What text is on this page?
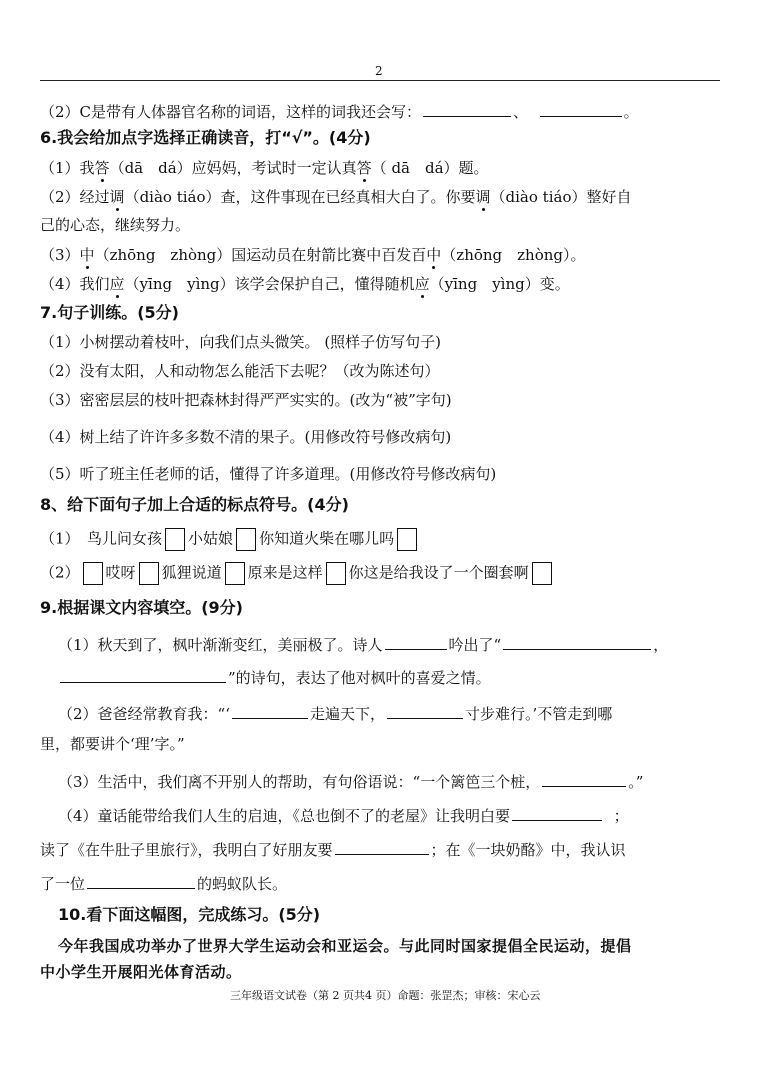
2
（2）C是带有人体器官名称的词语，这样的词我还会写：	、	。
6.我会给加点字选择正确读音，打“√”。(4分)
（1）我答（dā　dá）应妈妈，考试时一定认真答（ dā　dá）题。
（2）经过调（diào tiáo）查，这件事现在已经真相大白了。你要调（diào tiáo）整好自
己的心态，继续努力。
（3）中（zhōng　zhòng）国运动员在射箭比赛中百发百中（zhōng　zhòng）。
（4）我们应（yīng　yìng）该学会保护自己，懂得随机应（yīng　yìng）变。
7.句子训练。(5分)
（1）小树摆动着枝叶，向我们点头微笑。 (照样子仿写句子)
（2）没有太阳，人和动物怎么能活下去呢？（改为陈述句）
（3）密密层层的枝叶把森林封得严严实实的。(改为“被”字句)
（4）树上结了许许多多数不清的果子。(用修改符号修改病句)
（5）听了班主任老师的话，懂得了许多道理。(用修改符号修改病句)
8、给下面句子加上合适的标点符号。(4分)
（1）　鸟儿问女孩 小姑娘 你知道火柴在哪儿吗
（2） 哎呀 狐狸说道 原来是这样 你这是给我设了一个圈套啊
9.根据课文内容填空。(9分)
（1）秋天到了，枫叶渐渐变红，美丽极了。诗人	吟出了“	，
”的诗句，表达了他对枫叶的喜爱之情。
（2）爸爸经常教育我：“‘	走遍天下，	寸步难行。’不管走到哪
里，都要讲个‘理’字。”
（3）生活中，我们离不开别人的帮助，有句俗语说：“一个篱笆三个桩，	。”
（4）童话能带给我们人生的启迪，《总也倒不了的老屋》让我明白要	；
读了《在牛肚子里旅行》，我明白了好朋友要	；在《一块奶酪》中，我认识
了一位	的蚂蚁队长。
10.看下面这幅图，完成练习。(5分)
今年我国成功举办了世界大学生运动会和亚运会。与此同时国家提倡全民运动，提倡
中小学生开展阳光体育活动。
三年级语文试卷（第 2 页共4 页）命题：张罡杰；审核：宋心云
